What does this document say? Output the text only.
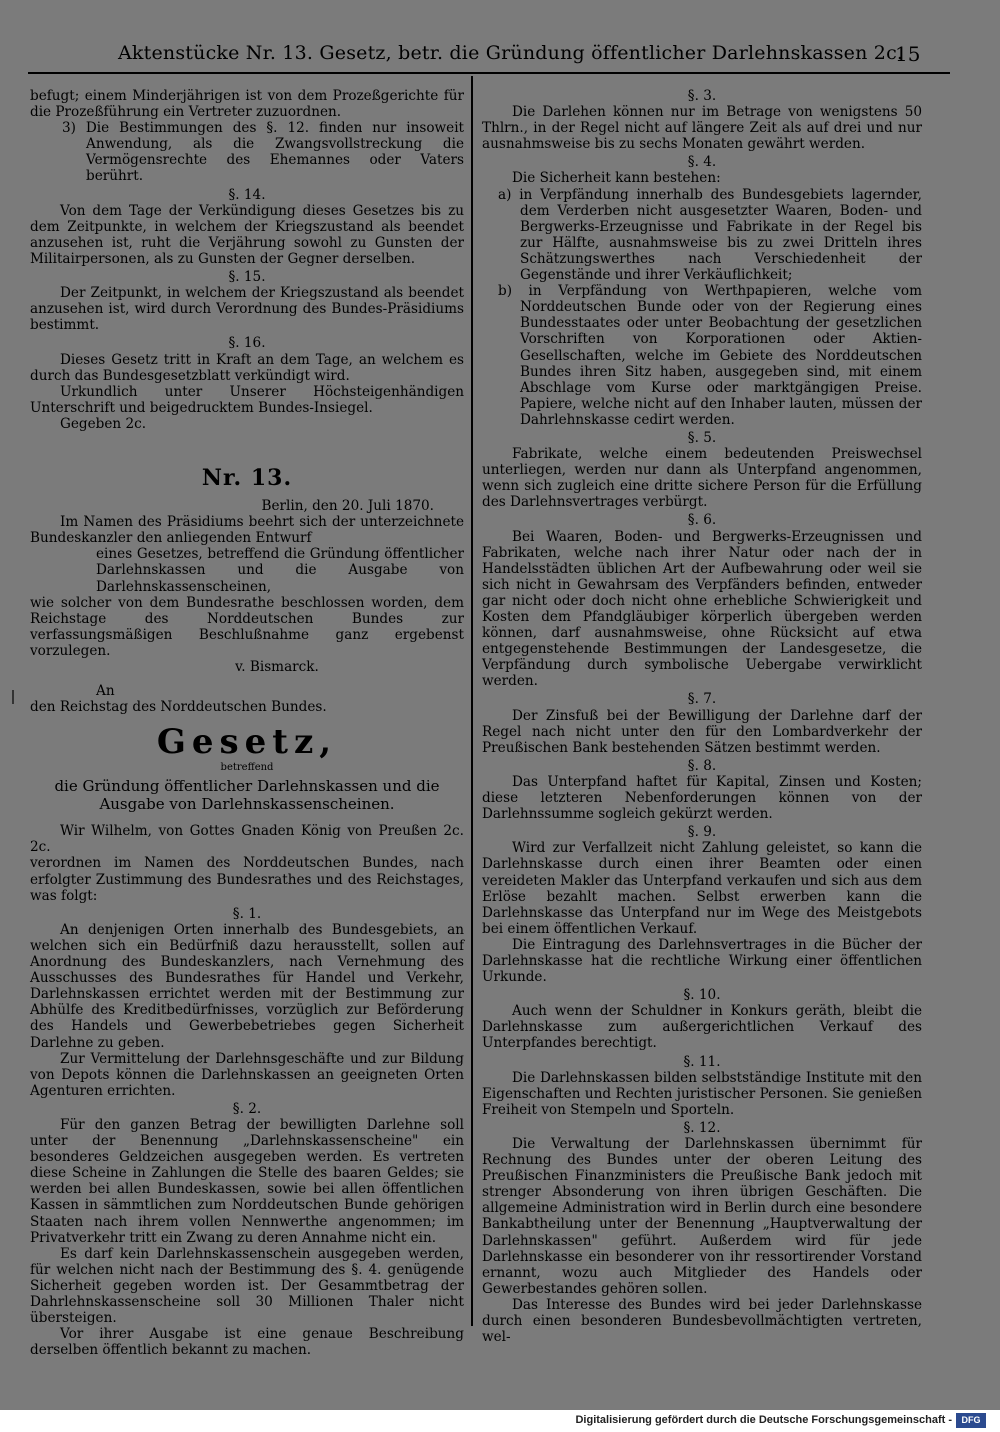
Aktenstücke Nr. 13. Gesetz, betr. die Gründung öffentlicher Darlehnskassen 2c.
15

befugt; einem Minderjährigen ist von dem Prozeßgerichte für die Prozeßführung ein Vertreter zuzuordnen.

3) Die Bestimmungen des §. 12. finden nur insoweit Anwendung, als die Zwangsvollstreckung die Vermögensrechte des Ehemannes oder Vaters berührt.

§. 14.

Von dem Tage der Verkündigung dieses Gesetzes bis zu dem Zeitpunkte, in welchem der Kriegszustand als beendet anzusehen ist, ruht die Verjährung sowohl zu Gunsten der Militairpersonen, als zu Gunsten der Gegner derselben.

§. 15.

Der Zeitpunkt, in welchem der Kriegszustand als beendet anzusehen ist, wird durch Verordnung des Bundes-Präsidiums bestimmt.

§. 16.

Dieses Gesetz tritt in Kraft an dem Tage, an welchem es durch das Bundesgesetzblatt verkündigt wird.

Urkundlich unter Unserer Höchsteigenhändigen Unterschrift und beigedrucktem Bundes-Insiegel.

Gegeben 2c.

Nr. 13.

Berlin, den 20. Juli 1870.

Im Namen des Präsidiums beehrt sich der unterzeichnete Bundeskanzler den anliegenden Entwurf

eines Gesetzes, betreffend die Gründung öffentlicher Darlehnskassen und die Ausgabe von Darlehnskassenscheinen,

wie solcher von dem Bundesrathe beschlossen worden, dem Reichstage des Norddeutschen Bundes zur verfassungsmäßigen Beschlußnahme ganz ergebenst vorzulegen.

v. Bismarck.

An

den Reichstag des Norddeutschen Bundes.

Gesetz,
betreffend

die Gründung öffentlicher Darlehnskassen und die Ausgabe von Darlehnskassenscheinen.

Wir Wilhelm, von Gottes Gnaden König von Preußen 2c. 2c.

verordnen im Namen des Norddeutschen Bundes, nach erfolgter Zustimmung des Bundesrathes und des Reichstages, was folgt:

§. 1.

An denjenigen Orten innerhalb des Bundesgebiets, an welchen sich ein Bedürfniß dazu herausstellt, sollen auf Anordnung des Bundeskanzlers, nach Vernehmung des Ausschusses des Bundesrathes für Handel und Verkehr, Darlehnskassen errichtet werden mit der Bestimmung zur Abhülfe des Kreditbedürfnisses, vorzüglich zur Beförderung des Handels und Gewerbebetriebes gegen Sicherheit Darlehne zu geben.

Zur Vermittelung der Darlehnsgeschäfte und zur Bildung von Depots können die Darlehnskassen an geeigneten Orten Agenturen errichten.

§. 2.

Für den ganzen Betrag der bewilligten Darlehne soll unter der Benennung „Darlehnskassenscheine" ein besonderes Geldzeichen ausgegeben werden. Es vertreten diese Scheine in Zahlungen die Stelle des baaren Geldes; sie werden bei allen Bundeskassen, sowie bei allen öffentlichen Kassen in sämmtlichen zum Norddeutschen Bunde gehörigen Staaten nach ihrem vollen Nennwerthe angenommen; im Privatverkehr tritt ein Zwang zu deren Annahme nicht ein.

Es darf kein Darlehnskassenschein ausgegeben werden, für welchen nicht nach der Bestimmung des §. 4. genügende Sicherheit gegeben worden ist. Der Gesammtbetrag der Dahrlehnskassenscheine soll 30 Millionen Thaler nicht übersteigen.

Vor ihrer Ausgabe ist eine genaue Beschreibung derselben öffentlich bekannt zu machen.

§. 3.

Die Darlehen können nur im Betrage von wenigstens 50 Thlrn., in der Regel nicht auf längere Zeit als auf drei und nur ausnahmsweise bis zu sechs Monaten gewährt werden.

§. 4.

Die Sicherheit kann bestehen:

a) in Verpfändung innerhalb des Bundesgebiets lagernder, dem Verderben nicht ausgesetzter Waaren, Boden- und Bergwerks-Erzeugnisse und Fabrikate in der Regel bis zur Hälfte, ausnahmsweise bis zu zwei Dritteln ihres Schätzungswerthes nach Verschiedenheit der Gegenstände und ihrer Verkäuflichkeit;

b) in Verpfändung von Werthpapieren, welche vom Norddeutschen Bunde oder von der Regierung eines Bundesstaates oder unter Beobachtung der gesetzlichen Vorschriften von Korporationen oder Aktien-Gesellschaften, welche im Gebiete des Norddeutschen Bundes ihren Sitz haben, ausgegeben sind, mit einem Abschlage vom Kurse oder marktgängigen Preise. Papiere, welche nicht auf den Inhaber lauten, müssen der Dahrlehnskasse cedirt werden.

§. 5.

Fabrikate, welche einem bedeutenden Preiswechsel unterliegen, werden nur dann als Unterpfand angenommen, wenn sich zugleich eine dritte sichere Person für die Erfüllung des Darlehnsvertrages verbürgt.

§. 6.

Bei Waaren, Boden- und Bergwerks-Erzeugnissen und Fabrikaten, welche nach ihrer Natur oder nach der in Handelsstädten üblichen Art der Aufbewahrung oder weil sie sich nicht in Gewahrsam des Verpfänders befinden, entweder gar nicht oder doch nicht ohne erhebliche Schwierigkeit und Kosten dem Pfandgläubiger körperlich übergeben werden können, darf ausnahmsweise, ohne Rücksicht auf etwa entgegenstehende Bestimmungen der Landesgesetze, die Verpfändung durch symbolische Uebergabe verwirklicht werden.

§. 7.

Der Zinsfuß bei der Bewilligung der Darlehne darf der Regel nach nicht unter den für den Lombardverkehr der Preußischen Bank bestehenden Sätzen bestimmt werden.

§. 8.

Das Unterpfand haftet für Kapital, Zinsen und Kosten; diese letzteren Nebenforderungen können von der Darlehnssumme sogleich gekürzt werden.

§. 9.

Wird zur Verfallzeit nicht Zahlung geleistet, so kann die Darlehnskasse durch einen ihrer Beamten oder einen vereideten Makler das Unterpfand verkaufen und sich aus dem Erlöse bezahlt machen. Selbst erwerben kann die Darlehnskasse das Unterpfand nur im Wege des Meistgebots bei einem öffentlichen Verkauf.

Die Eintragung des Darlehnsvertrages in die Bücher der Darlehnskasse hat die rechtliche Wirkung einer öffentlichen Urkunde.

§. 10.

Auch wenn der Schuldner in Konkurs geräth, bleibt die Darlehnskasse zum außergerichtlichen Verkauf des Unterpfandes berechtigt.

§. 11.

Die Darlehnskassen bilden selbstständige Institute mit den Eigenschaften und Rechten juristischer Personen. Sie genießen Freiheit von Stempeln und Sporteln.

§. 12.

Die Verwaltung der Darlehnskassen übernimmt für Rechnung des Bundes unter der oberen Leitung des Preußischen Finanzministers die Preußische Bank jedoch mit strenger Absonderung von ihren übrigen Geschäften. Die allgemeine Administration wird in Berlin durch eine besondere Bankabtheilung unter der Benennung „Hauptverwaltung der Darlehnskassen" geführt. Außerdem wird für jede Darlehnskasse ein besonderer von ihr ressortirender Vorstand ernannt, wozu auch Mitglieder des Handels oder Gewerbestandes gehören sollen.

Das Interesse des Bundes wird bei jeder Darlehnskasse durch einen besonderen Bundesbevollmächtigten vertreten, wel-

Digitalisierung gefördert durch die Deutsche Forschungsgemeinschaft -	DFG
